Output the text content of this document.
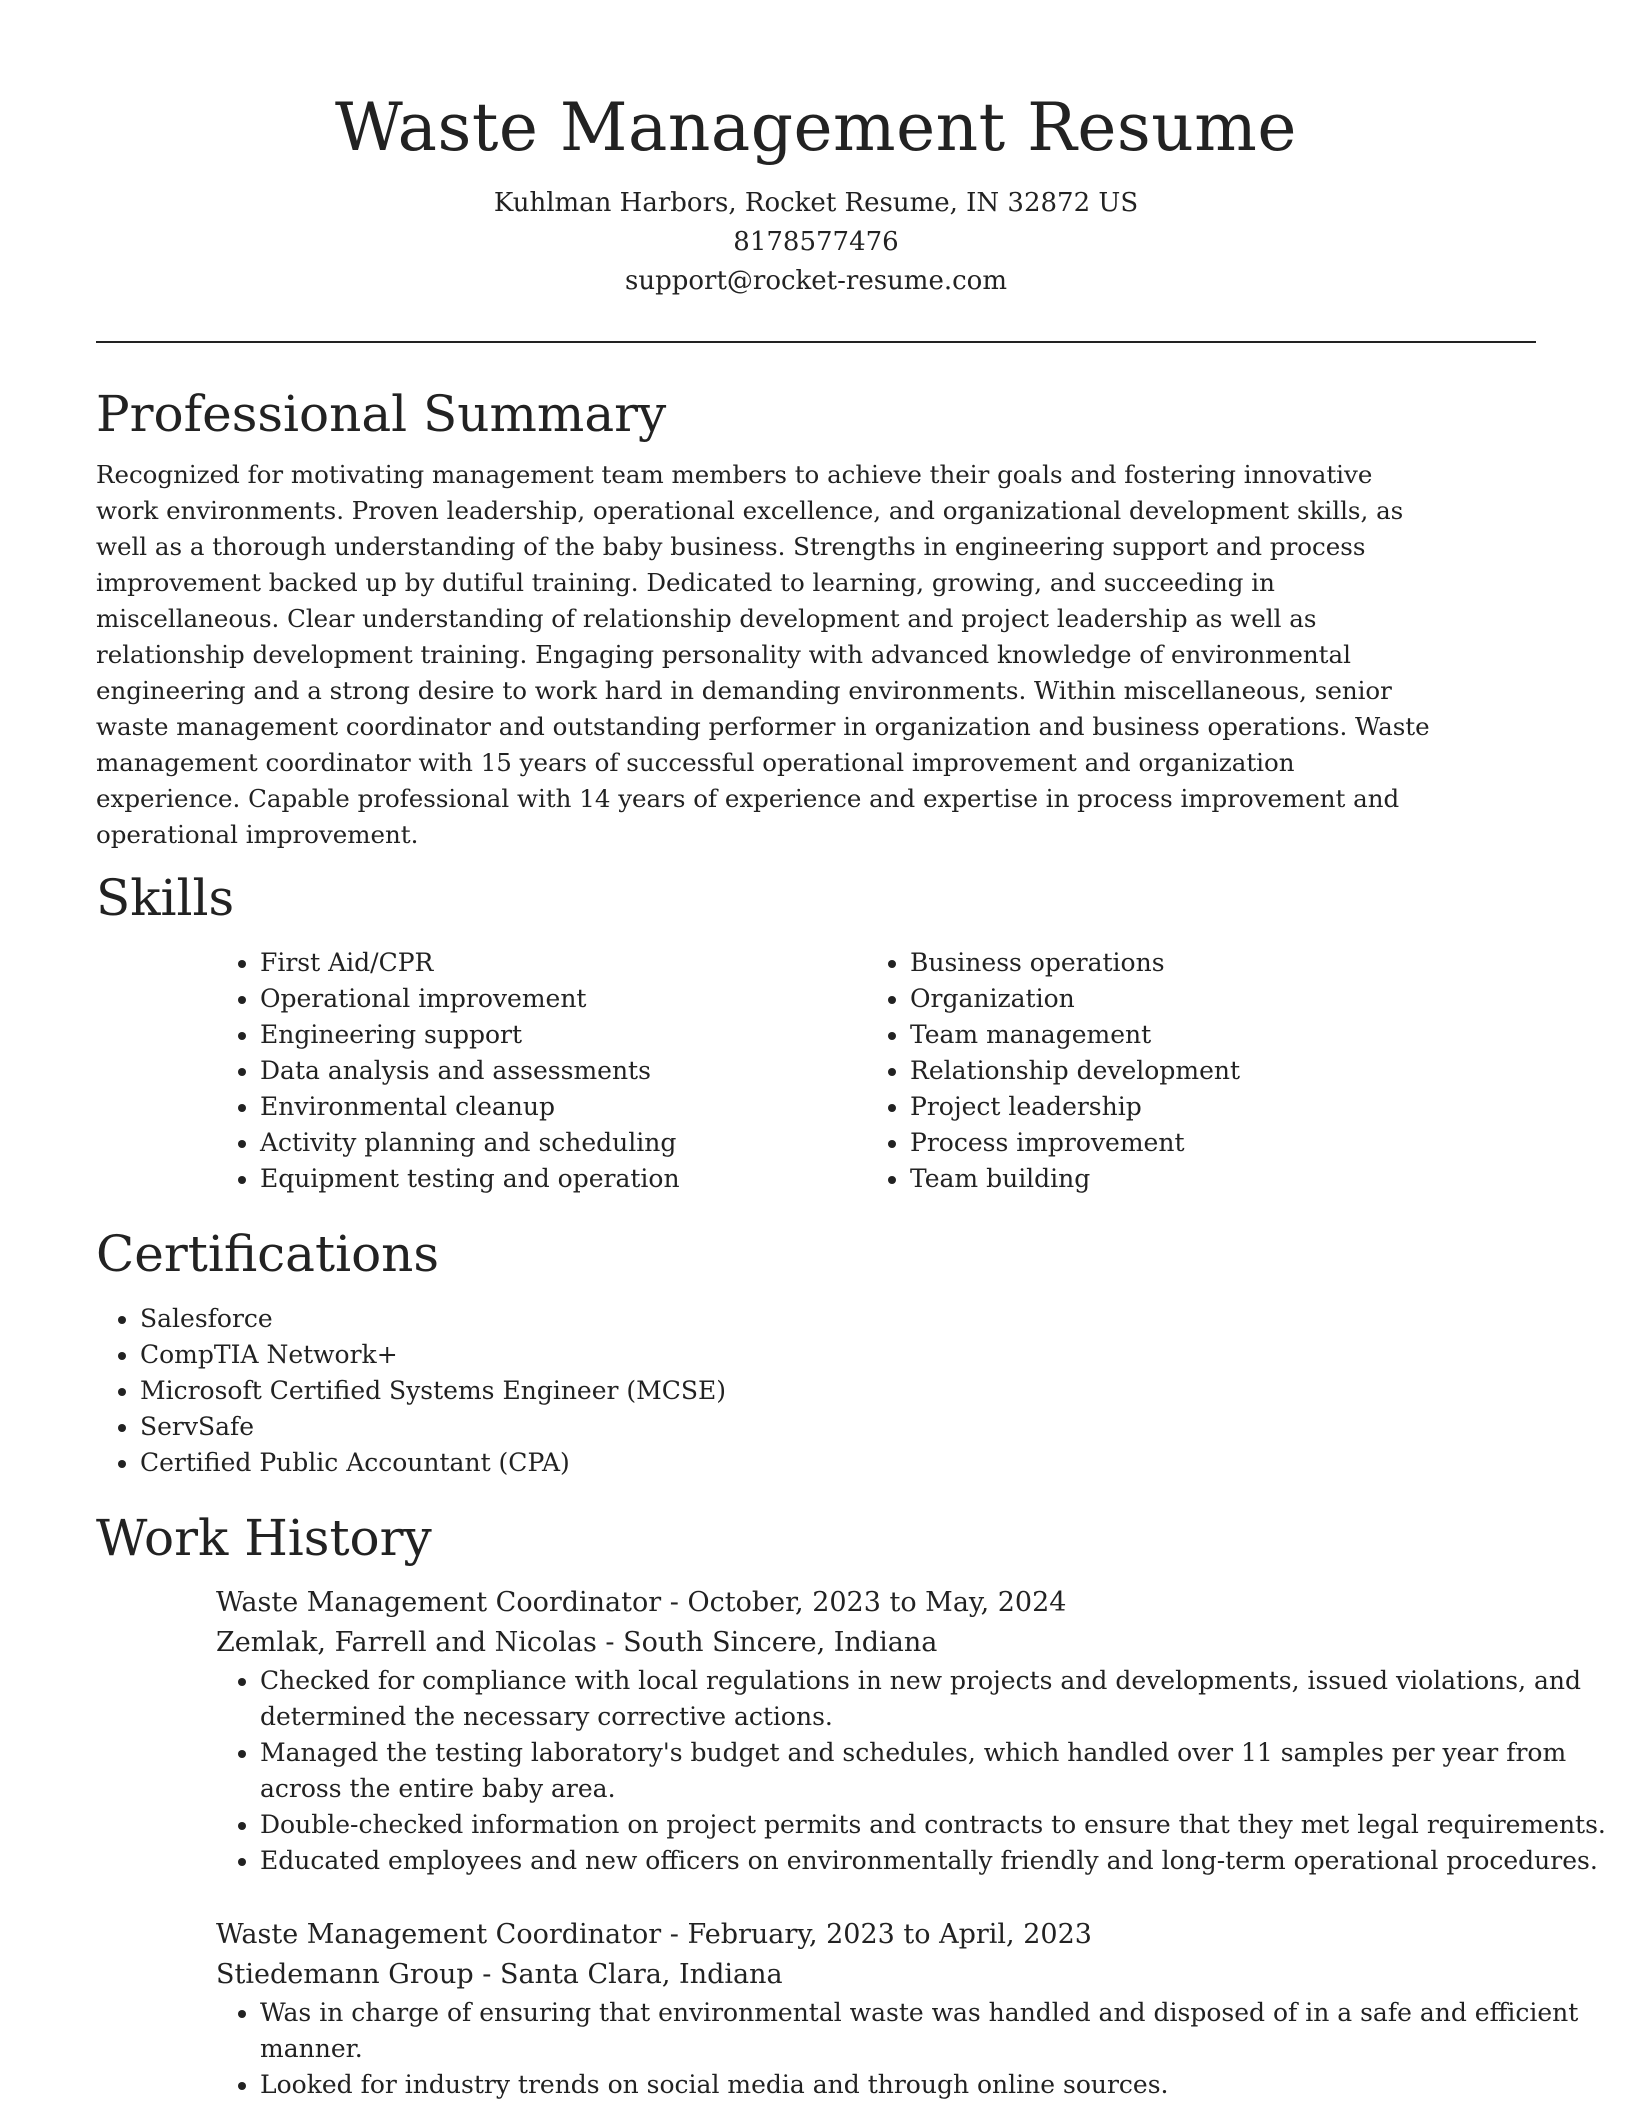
Waste Management Resume

Kuhlman Harbors, Rocket Resume, IN 32872 US

8178577476

support@rocket-resume.com

Professional Summary

Recognized for motivating management team members to achieve their goals and fostering innovative work environments. Proven leadership, operational excellence, and organizational development skills, as well as a thorough understanding of the baby business. Strengths in engineering support and process improvement backed up by dutiful training. Dedicated to learning, growing, and succeeding in miscellaneous. Clear understanding of relationship development and project leadership as well as relationship development training. Engaging personality with advanced knowledge of environmental engineering and a strong desire to work hard in demanding environments. Within miscellaneous, senior waste management coordinator and outstanding performer in organization and business operations. Waste management coordinator with 15 years of successful operational improvement and organization experience. Capable professional with 14 years of experience and expertise in process improvement and operational improvement.

Skills
• First Aid/CPR
• Operational improvement
• Engineering support
• Data analysis and assessments
• Environmental cleanup
• Activity planning and scheduling
• Equipment testing and operation
• Business operations
• Organization
• Team management
• Relationship development
• Project leadership
• Process improvement
• Team building
Certifications
• Salesforce
• CompTIA Network+
• Microsoft Certified Systems Engineer (MCSE)
• ServSafe
• Certified Public Accountant (CPA)
Work History

Waste Management Coordinator - October, 2023 to May, 2024

Zemlak, Farrell and Nicolas - South Sincere, Indiana

• Checked for compliance with local regulations in new projects and developments, issued violations, and determined the necessary corrective actions.
• Managed the testing laboratory's budget and schedules, which handled over 11 samples per year from across the entire baby area.
• Double-checked information on project permits and contracts to ensure that they met legal requirements.
• Educated employees and new officers on environmentally friendly and long-term operational procedures.

Waste Management Coordinator - February, 2023 to April, 2023

Stiedemann Group - Santa Clara, Indiana

• Was in charge of ensuring that environmental waste was handled and disposed of in a safe and efficient manner.
• Looked for industry trends on social media and through online sources.
